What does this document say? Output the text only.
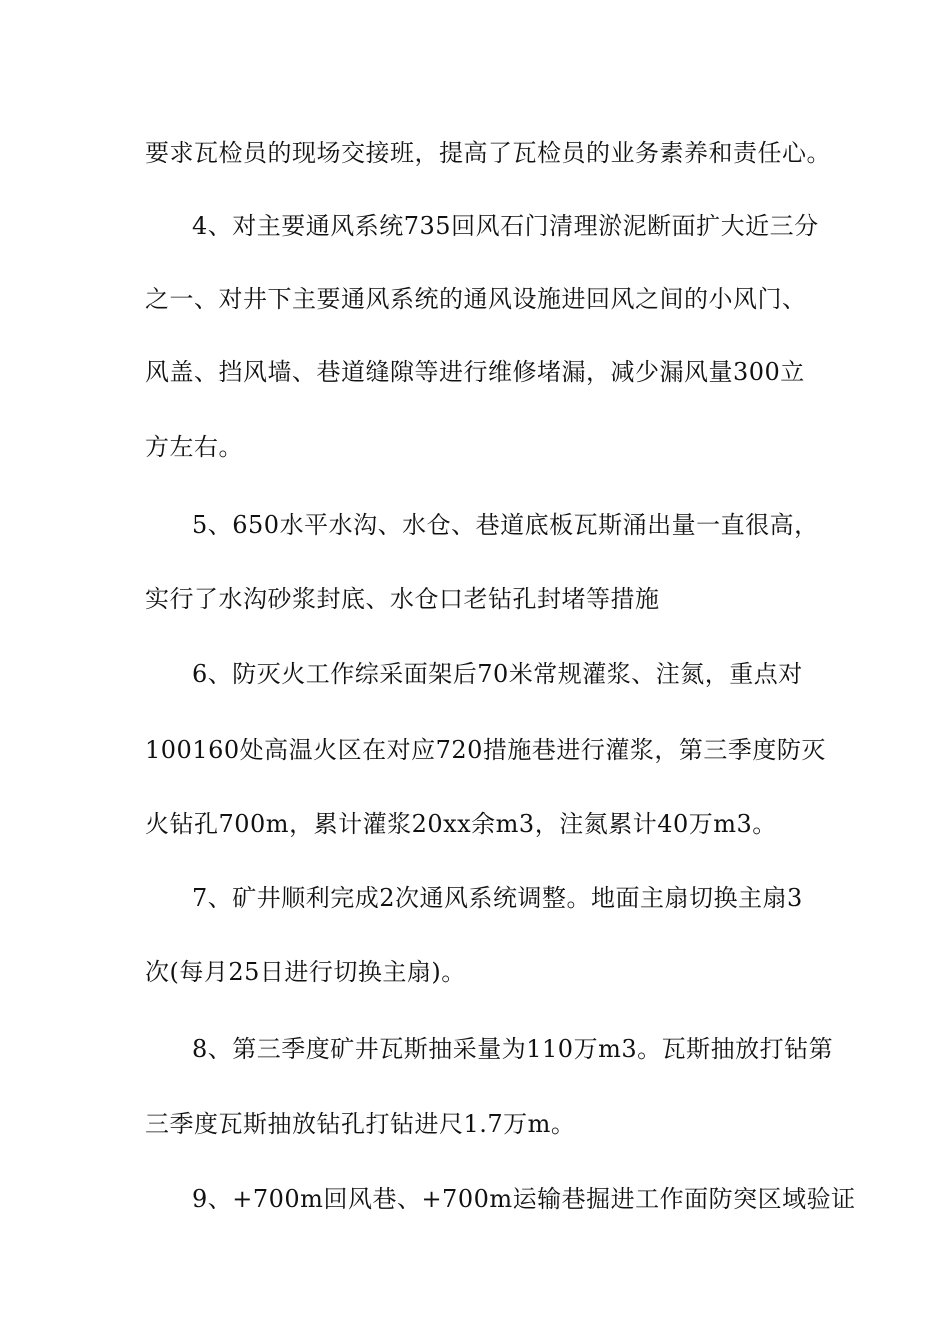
要求瓦检员的现场交接班，提高了瓦检员的业务素养和责任心。
4、对主要通风系统735回风石门清理淤泥断面扩大近三分
之一、对井下主要通风系统的通风设施进回风之间的小风门、
风盖、挡风墙、巷道缝隙等进行维修堵漏，减少漏风量300立
方左右。
5、650水平水沟、水仓、巷道底板瓦斯涌出量一直很高，
实行了水沟砂浆封底、水仓口老钻孔封堵等措施
6、防灭火工作综采面架后70米常规灌浆、注氮，重点对
100160处高温火区在对应720措施巷进行灌浆，第三季度防灭
火钻孔700m，累计灌浆20xx余m3，注氮累计40万m3。
7、矿井顺利完成2次通风系统调整。地面主扇切换主扇3
次(每月25日进行切换主扇)。
8、第三季度矿井瓦斯抽采量为110万m3。瓦斯抽放打钻第
三季度瓦斯抽放钻孔打钻进尺1.7万m。
9、+700m回风巷、+700m运输巷掘进工作面防突区域验证
